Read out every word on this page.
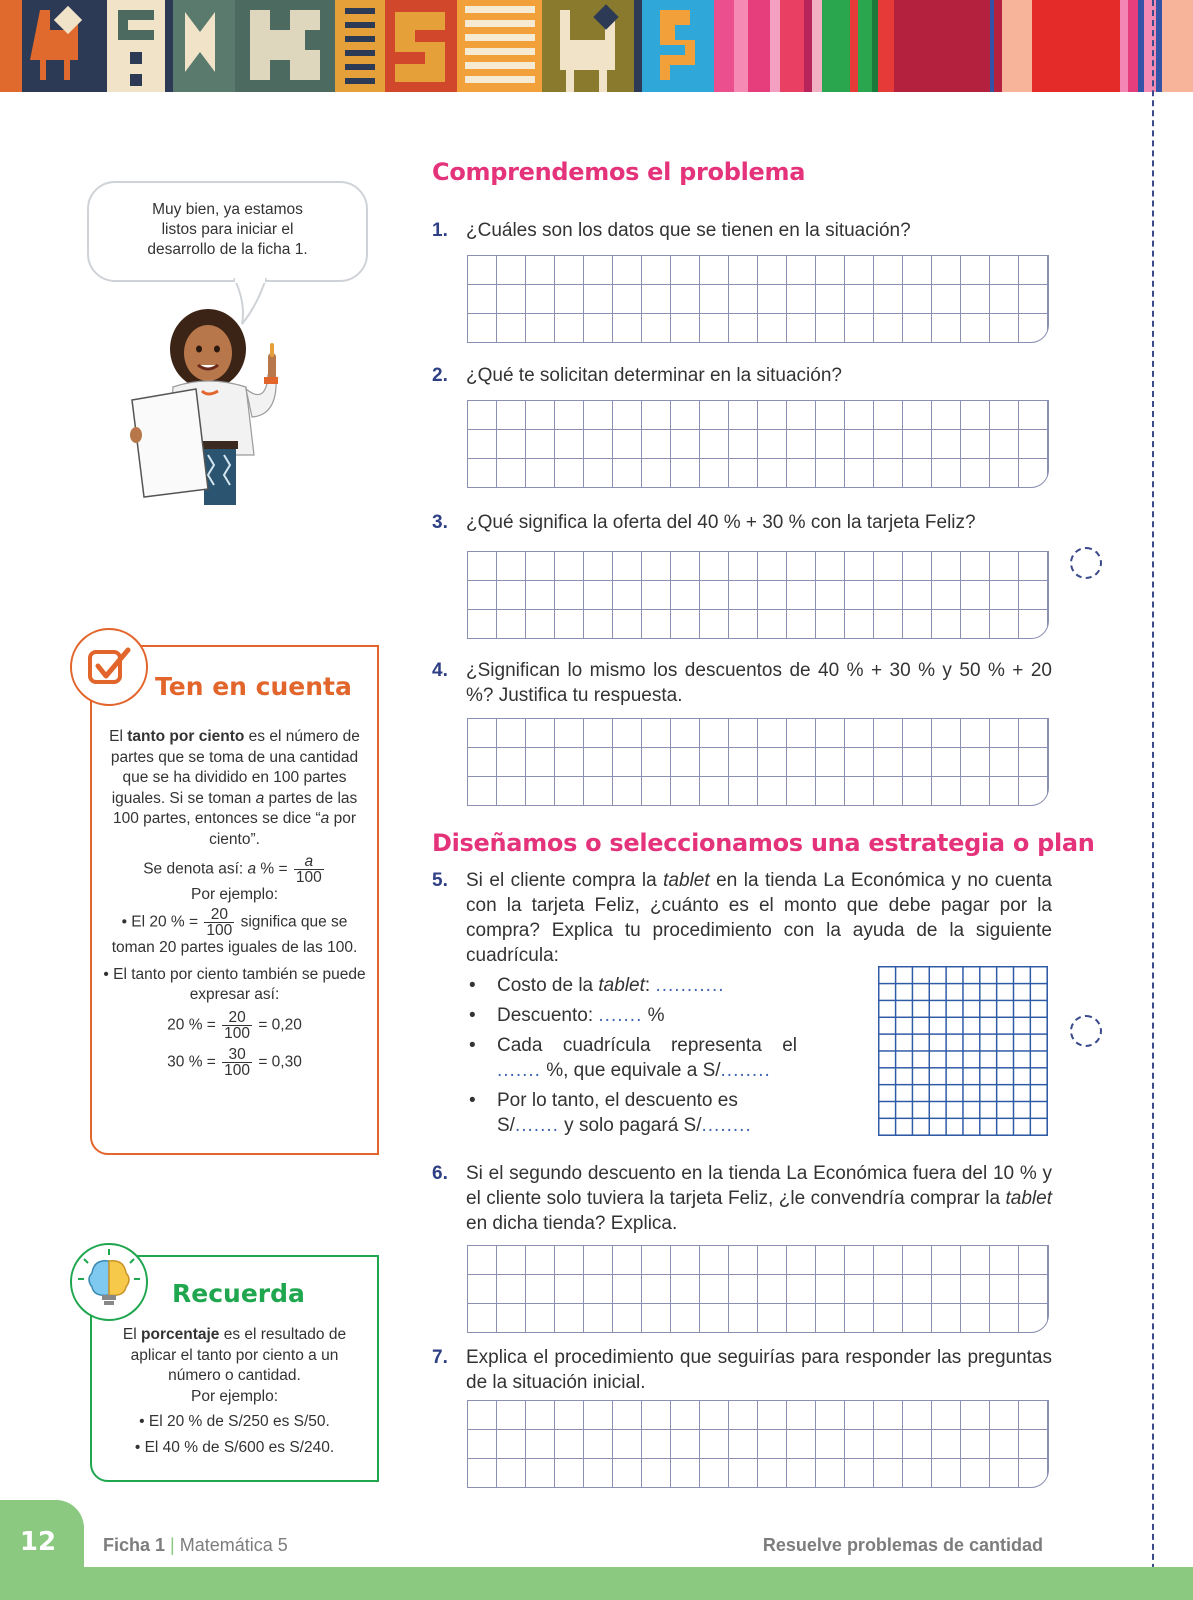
Muy bien, ya estamos
listos para iniciar el
desarrollo de la ficha 1.
Ten en cuenta
El tanto por ciento es el número de partes que se toma de una cantidad que se ha dividido en 100 partes iguales. Si se toman a partes de las 100 partes, entonces se dice “a por ciento”.
Se denota así: a % = $\frac{a}{100}$
Por ejemplo:
• El 20 % = $\frac{20}{100}$ significa que se toman 20 partes iguales de las 100.
• El tanto por ciento también se puede expresar así:
20 % = $\frac{20}{100} = 0,20$
30 % = $\frac{30}{100} = 0,30$
Recuerda
El porcentaje es el resultado de aplicar el tanto por ciento a un número o cantidad.
Por ejemplo:
• El 20 % de S/250 es S/50.
• El 40 % de S/600 es S/240.
Comprendemos el problema
1. ¿Cuáles son los datos que se tienen en la situación?
2. ¿Qué te solicitan determinar en la situación?
3. ¿Qué significa la oferta del 40 % + 30 % con la tarjeta Feliz?
4. ¿Significan lo mismo los descuentos de 40 % + 30 % y 50 % + 20 %? Justifica tu respuesta.
Diseñamos o seleccionamos una estrategia o plan
5. Si el cliente compra la tablet en la tienda La Económica y no cuenta con la tarjeta Feliz, ¿cuánto es el monto que debe pagar por la compra? Explica tu procedimiento con la ayuda de la siguiente cuadrícula:
• Costo de la tablet: ...........
• Descuento: ....... %
• Cada cuadrícula representa el ....... %, que equivale a S/........
• Por lo tanto, el descuento es S/....... y solo pagará S/........
6. Si el segundo descuento en la tienda La Económica fuera del 10 % y el cliente solo tuviera la tarjeta Feliz, ¿le convendría comprar la tablet en dicha tienda? Explica.
7. Explica el procedimiento que seguirías para responder las preguntas de la situación inicial.
12	Ficha 1 | Matemática 5	Resuelve problemas de cantidad
